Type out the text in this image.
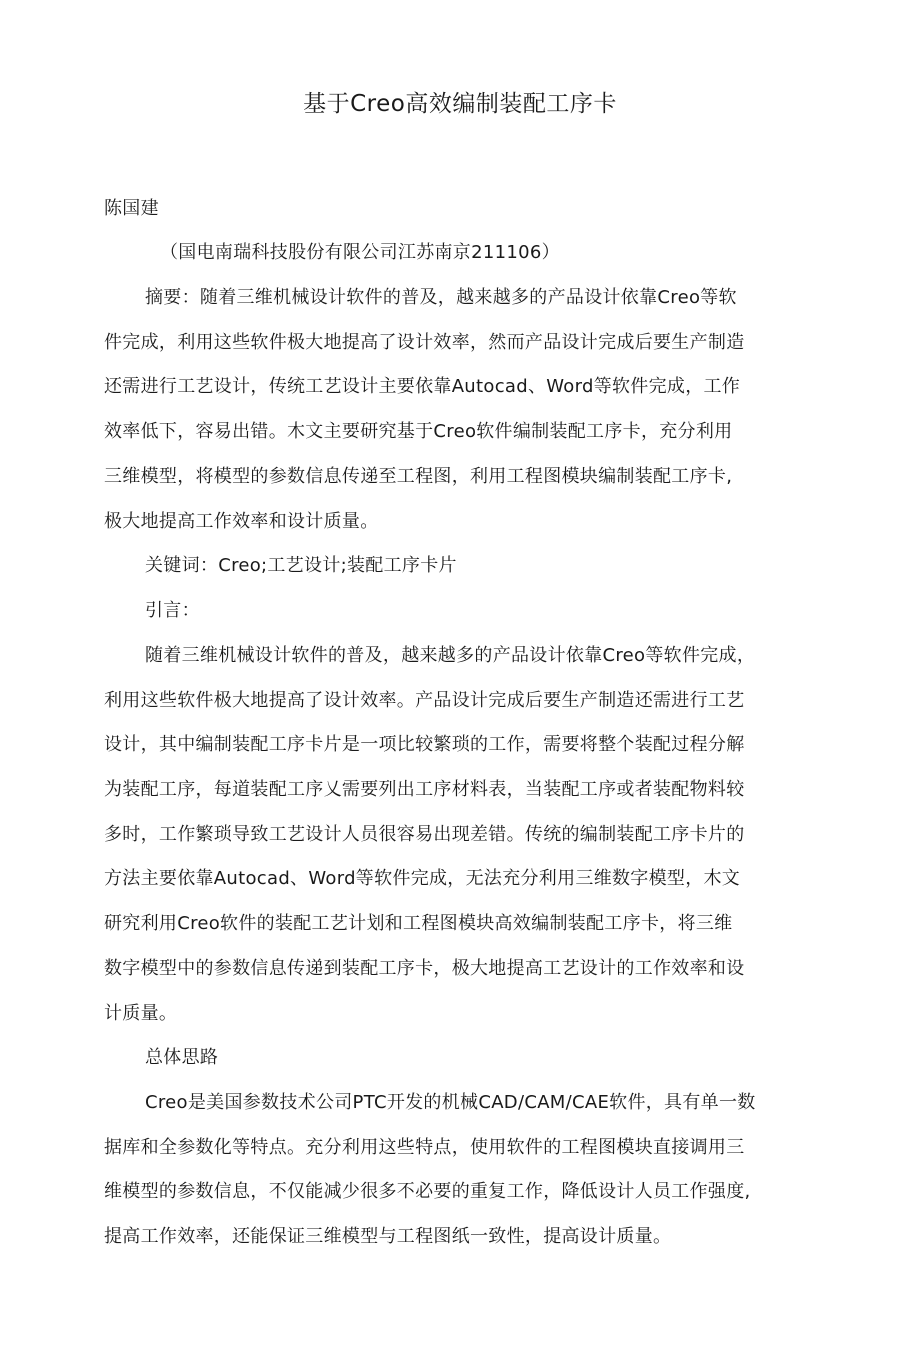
基于Creo高效编制装配工序卡
陈国建
（国电南瑞科技股份有限公司江苏南京211106）
摘要：随着三维机械设计软件的普及，越来越多的产品设计依靠Creo等软
件完成，利用这些软件极大地提高了设计效率，然而产品设计完成后要生产制造
还需进行工艺设计，传统工艺设计主要依靠Autocad、Word等软件完成，工作
效率低下，容易出错。木文主要研究基于Creo软件编制装配工序卡，充分利用
三维模型，将模型的参数信息传递至工程图，利用工程图模块编制装配工序卡,
极大地提高工作效率和设计质量。
关键词：Creo;工艺设计;装配工序卡片
引言：
随着三维机械设计软件的普及，越来越多的产品设计依靠Creo等软件完成，
利用这些软件极大地提高了设计效率。产品设计完成后要生产制造还需进行工艺
设计，其中编制装配工序卡片是一项比较繁琐的工作，需要将整个装配过程分解
为装配工序，每道装配工序乂需要列出工序材料表，当装配工序或者装配物料较
多时，工作繁琐导致工艺设计人员很容易出现差错。传统的编制装配工序卡片的
方法主要依靠Autocad、Word等软件完成，无法充分利用三维数字模型，木文
研究利用Creo软件的装配工艺计划和工程图模块高效编制装配工序卡，将三维
数字模型中的参数信息传递到装配工序卡，极大地提高工艺设计的工作效率和设
计质量。
总体思路
Creo是美国参数技术公司PTC开发的机械CAD/CAM/CAE软件，具有单一数
据库和全参数化等特点。充分利用这些特点，使用软件的工程图模块直接调用三
维模型的参数信息，不仅能减少很多不必要的重复工作，降低设计人员工作强度,
提高工作效率，还能保证三维模型与工程图纸一致性，提高设计质量。
